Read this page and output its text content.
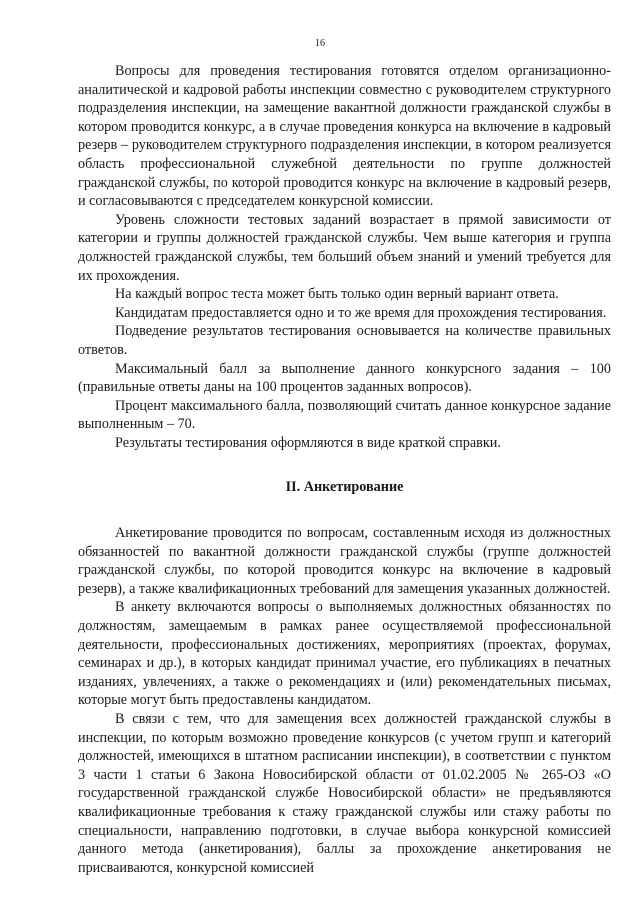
16

Вопросы для проведения тестирования готовятся отделом организационно-аналитической и кадровой работы инспекции совместно с руководителем структурного подразделения инспекции, на замещение вакантной должности гражданской службы в котором проводится конкурс, а в случае проведения конкурса на включение в кадровый резерв – руководителем структурного подразделения инспекции, в котором реализуется область профессиональной служебной деятельности по группе должностей гражданской службы, по которой проводится конкурс на включение в кадровый резерв, и согласовываются с председателем конкурсной комиссии.

Уровень сложности тестовых заданий возрастает в прямой зависимости от категории и группы должностей гражданской службы. Чем выше категория и группа должностей гражданской службы, тем больший объем знаний и умений требуется для их прохождения.

На каждый вопрос теста может быть только один верный вариант ответа.

Кандидатам предоставляется одно и то же время для прохождения тестирования.

Подведение результатов тестирования основывается на количестве правильных ответов.

Максимальный балл за выполнение данного конкурсного задания – 100 (правильные ответы даны на 100 процентов заданных вопросов).

Процент максимального балла, позволяющий считать данное конкурсное задание выполненным – 70.

Результаты тестирования оформляются в виде краткой справки.

II. Анкетирование

Анкетирование проводится по вопросам, составленным исходя из должностных обязанностей по вакантной должности гражданской службы (группе должностей гражданской службы, по которой проводится конкурс на включение в кадровый резерв), а также квалификационных требований для замещения указанных должностей.

В анкету включаются вопросы о выполняемых должностных обязанностях по должностям, замещаемым в рамках ранее осуществляемой профессиональной деятельности, профессиональных достижениях, мероприятиях (проектах, форумах, семинарах и др.), в которых кандидат принимал участие, его публикациях в печатных изданиях, увлечениях, а также о рекомендациях и (или) рекомендательных письмах, которые могут быть предоставлены кандидатом.

В связи с тем, что для замещения всех должностей гражданской службы в инспекции, по которым возможно проведение конкурсов (с учетом групп и категорий должностей, имеющихся в штатном расписании инспекции), в соответствии с пунктом 3 части 1 статьи 6 Закона Новосибирской области от 01.02.2005 № 265-ОЗ «О государственной гражданской службе Новосибирской области» не предъявляются квалификационные требования к стажу гражданской службы или стажу работы по специальности, направлению подготовки, в случае выбора конкурсной комиссией данного метода (анкетирования), баллы за прохождение анкетирования не присваиваются, конкурсной комиссией
